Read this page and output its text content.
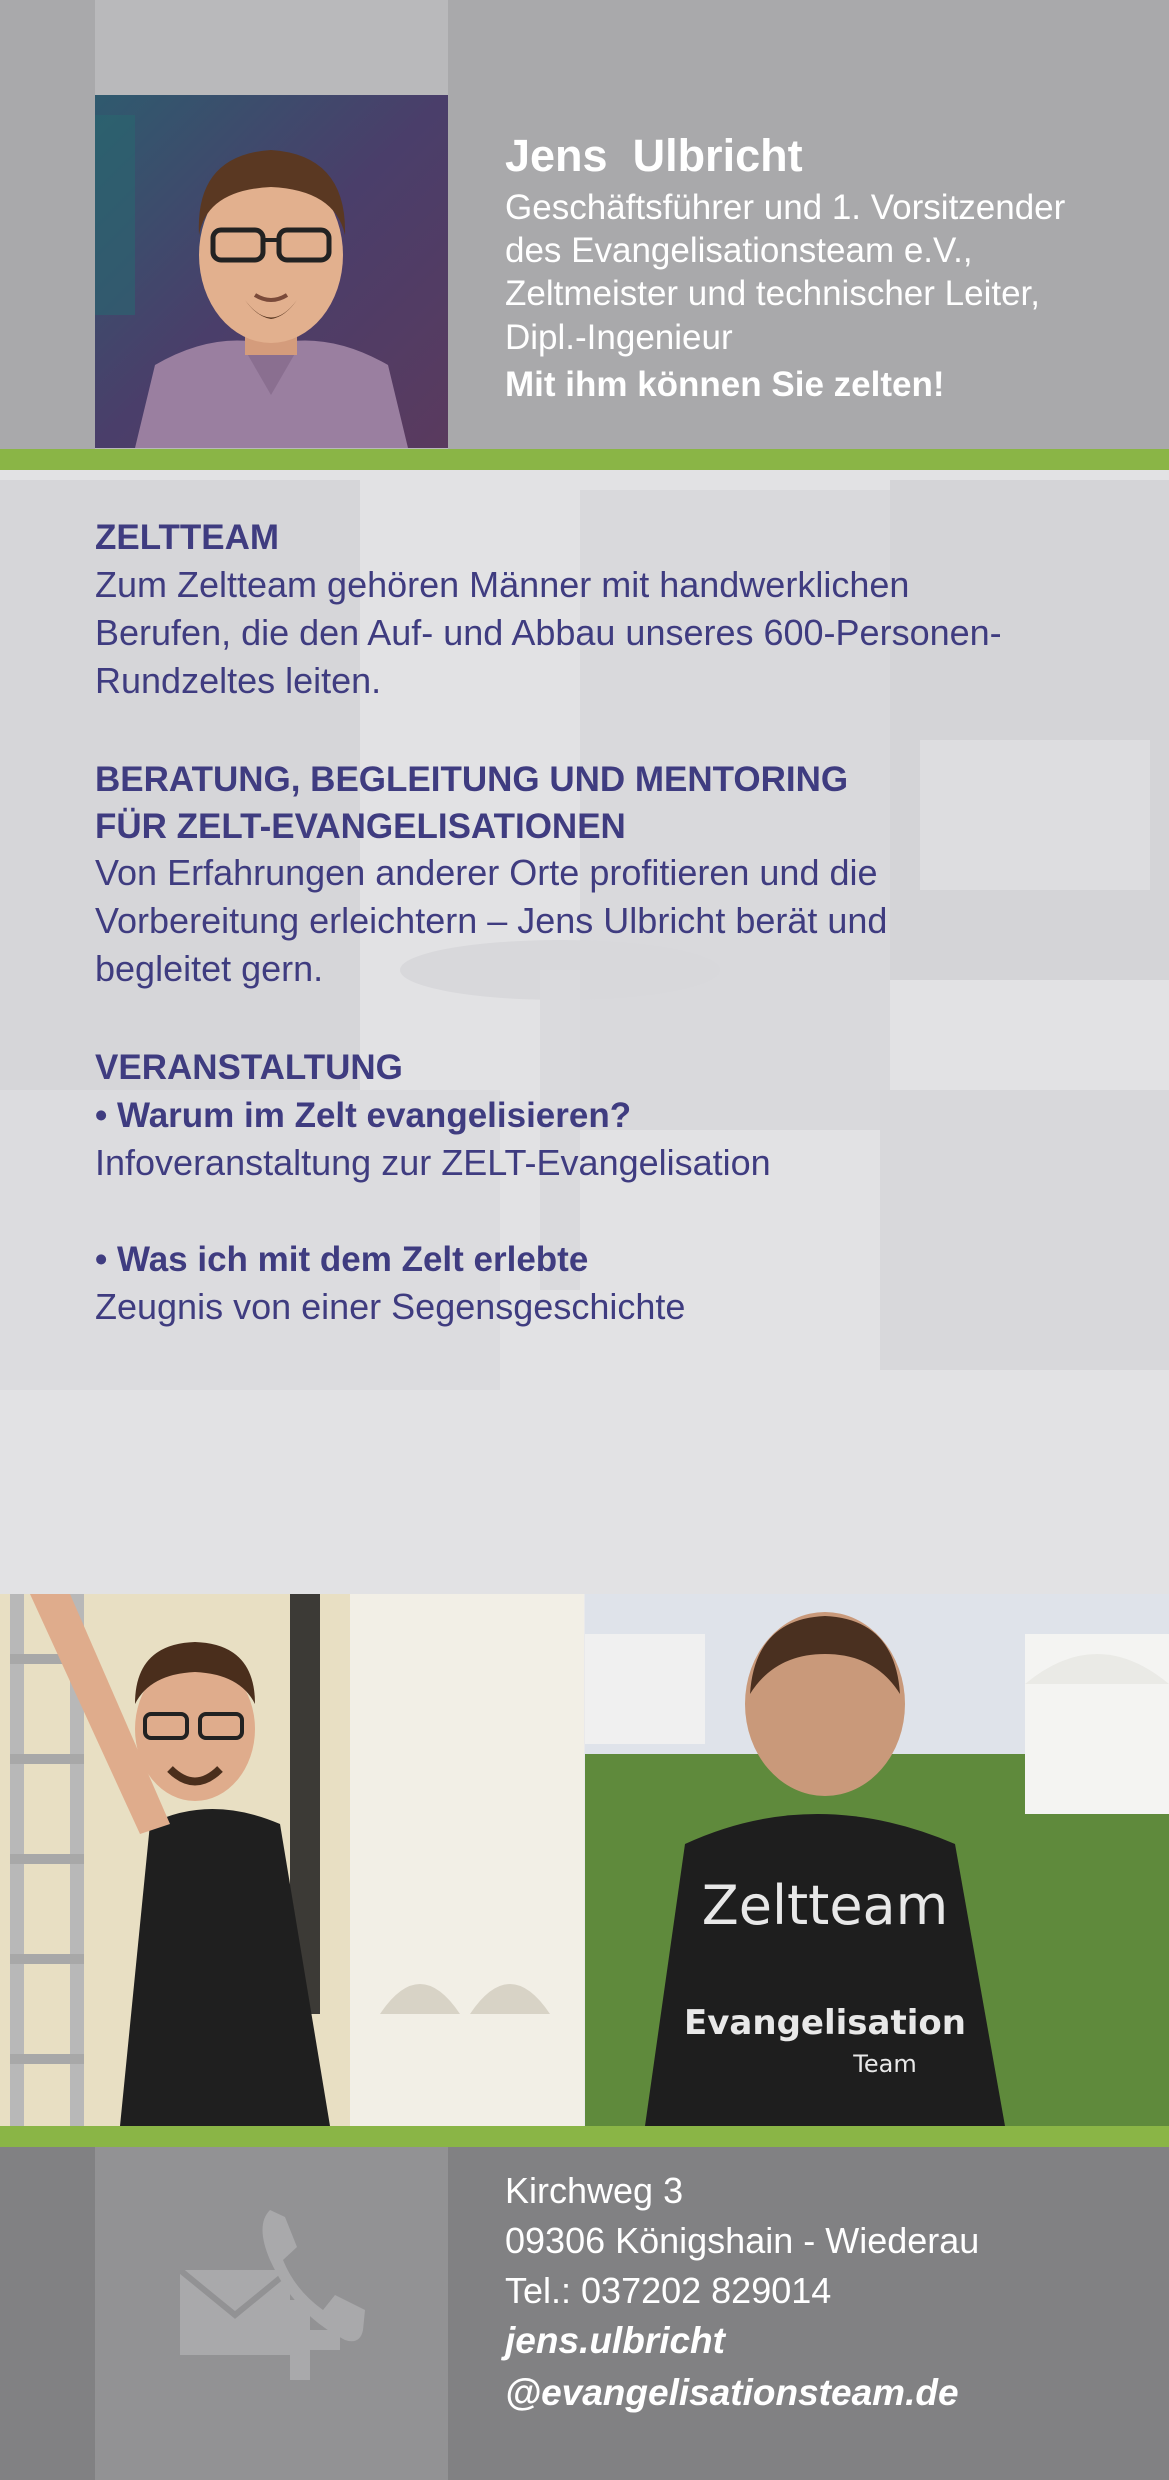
Jens  Ulbricht
Geschäftsführer und 1. Vorsitzender
des Evangelisationsteam e.V.,
Zeltmeister und technischer Leiter,
Dipl.-Ingenieur
Mit ihm können Sie zelten!
ZELTTEAM
Zum Zeltteam gehören Männer mit handwerklichen
Berufen, die den Auf- und Abbau unseres 600-Personen-
Rundzeltes leiten.
BERATUNG, BEGLEITUNG UND MENTORING
FÜR ZELT-EVANGELISATIONEN
Von Erfahrungen anderer Orte profitieren und die
Vorbereitung erleichtern – Jens Ulbricht berät und
begleitet gern.
VERANSTALTUNG
• Warum im Zelt evangelisieren?
Infoveranstaltung zur ZELT-Evangelisation
• Was ich mit dem Zelt erlebte
Zeugnis von einer Segensgeschichte
Zeltteam
Evangelisation
Team
Kirchweg 3
09306 Königshain - Wiederau
Tel.: 037202 829014
jens.ulbricht
@evangelisationsteam.de
